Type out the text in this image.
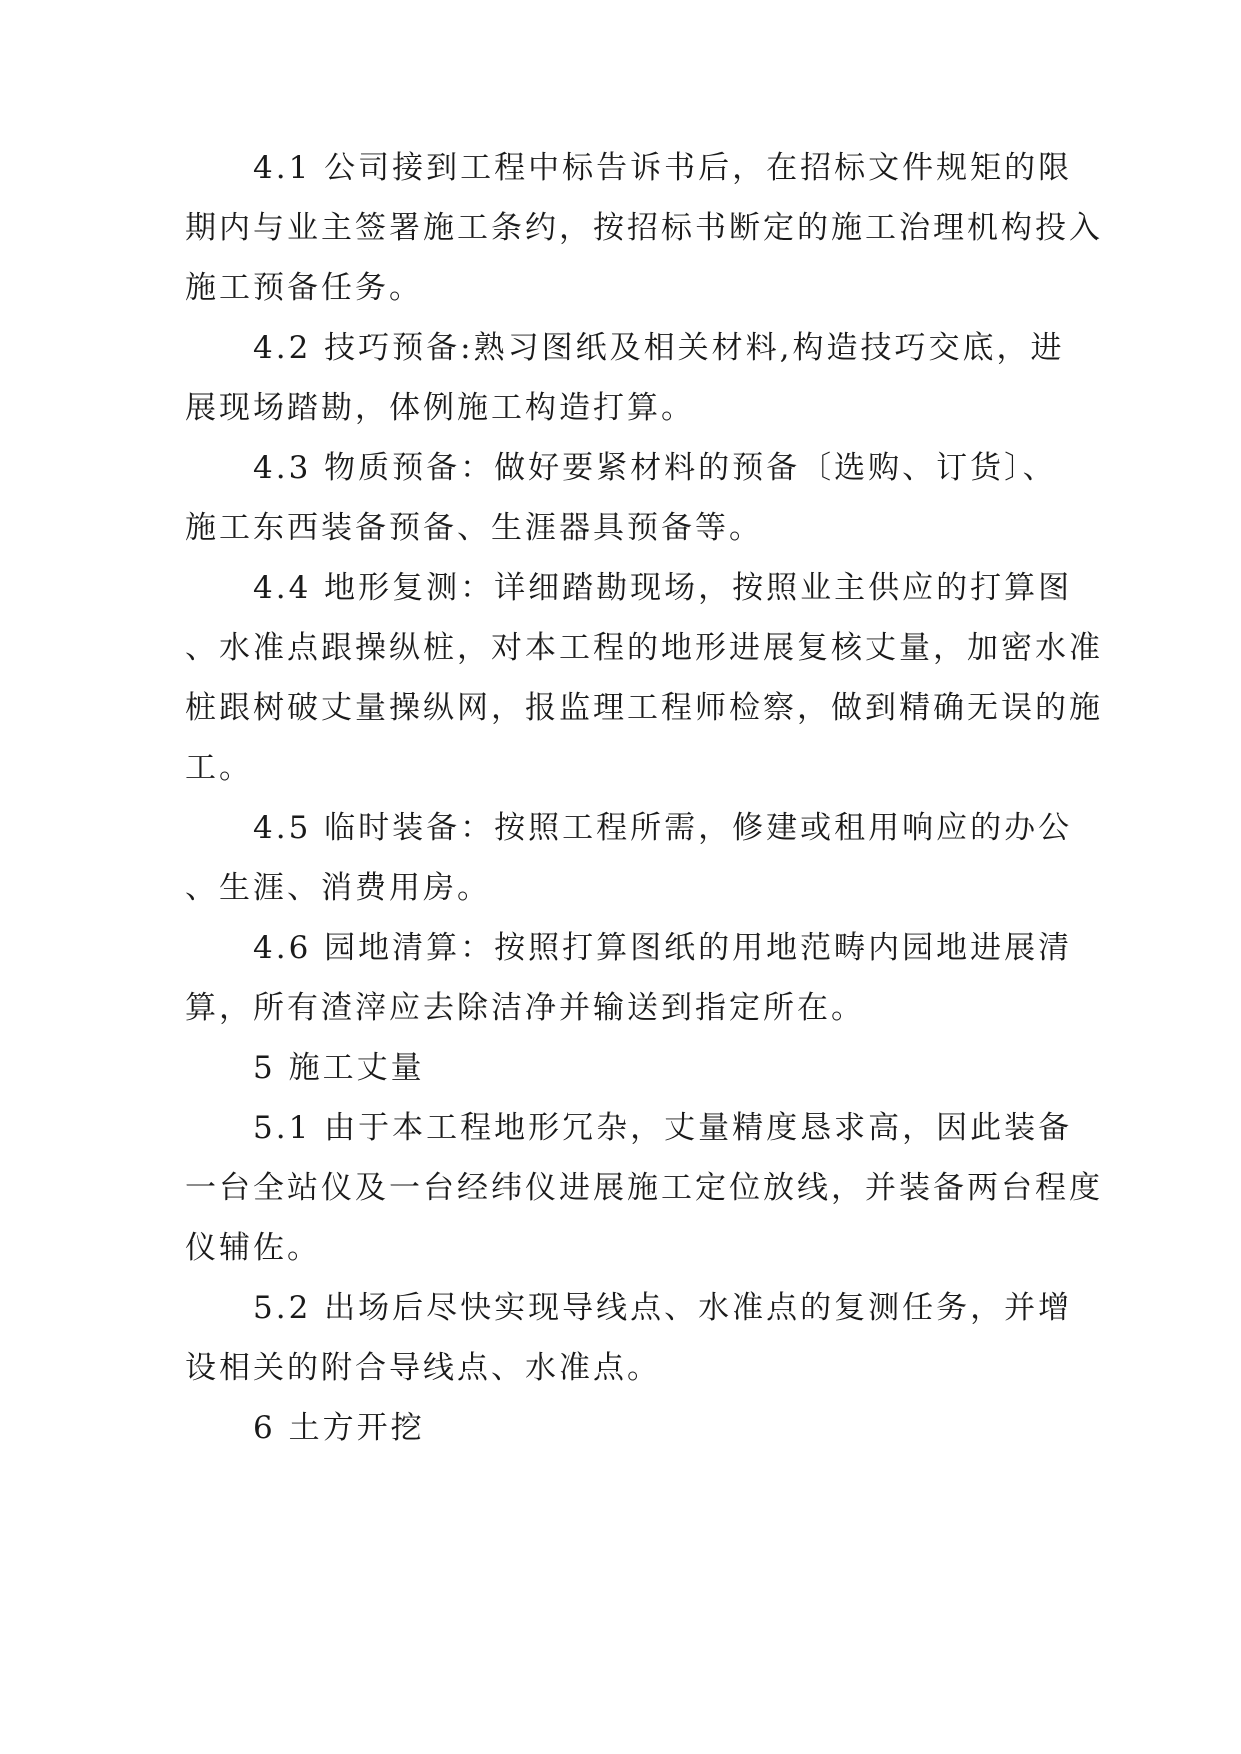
4.1 公司接到工程中标告诉书后，在招标文件规矩的限
期内与业主签署施工条约，按招标书断定的施工治理机构投入
施工预备任务。
4.2 技巧预备:熟习图纸及相关材料,构造技巧交底，进
展现场踏勘，体例施工构造打算。
4.3 物质预备：做好要紧材料的预备〔选购、订货〕、
施工东西装备预备、生涯器具预备等。
4.4 地形复测：详细踏勘现场，按照业主供应的打算图
、水准点跟操纵桩，对本工程的地形进展复核丈量，加密水准
桩跟树破丈量操纵网，报监理工程师检察，做到精确无误的施
工。
4.5 临时装备：按照工程所需，修建或租用响应的办公
、生涯、消费用房。
4.6 园地清算：按照打算图纸的用地范畴内园地进展清
算，所有渣滓应去除洁净并输送到指定所在。
5 施工丈量
5.1 由于本工程地形冗杂，丈量精度恳求高，因此装备
一台全站仪及一台经纬仪进展施工定位放线，并装备两台程度
仪辅佐。
5.2 出场后尽快实现导线点、水准点的复测任务，并增
设相关的附合导线点、水准点。
6 土方开挖
